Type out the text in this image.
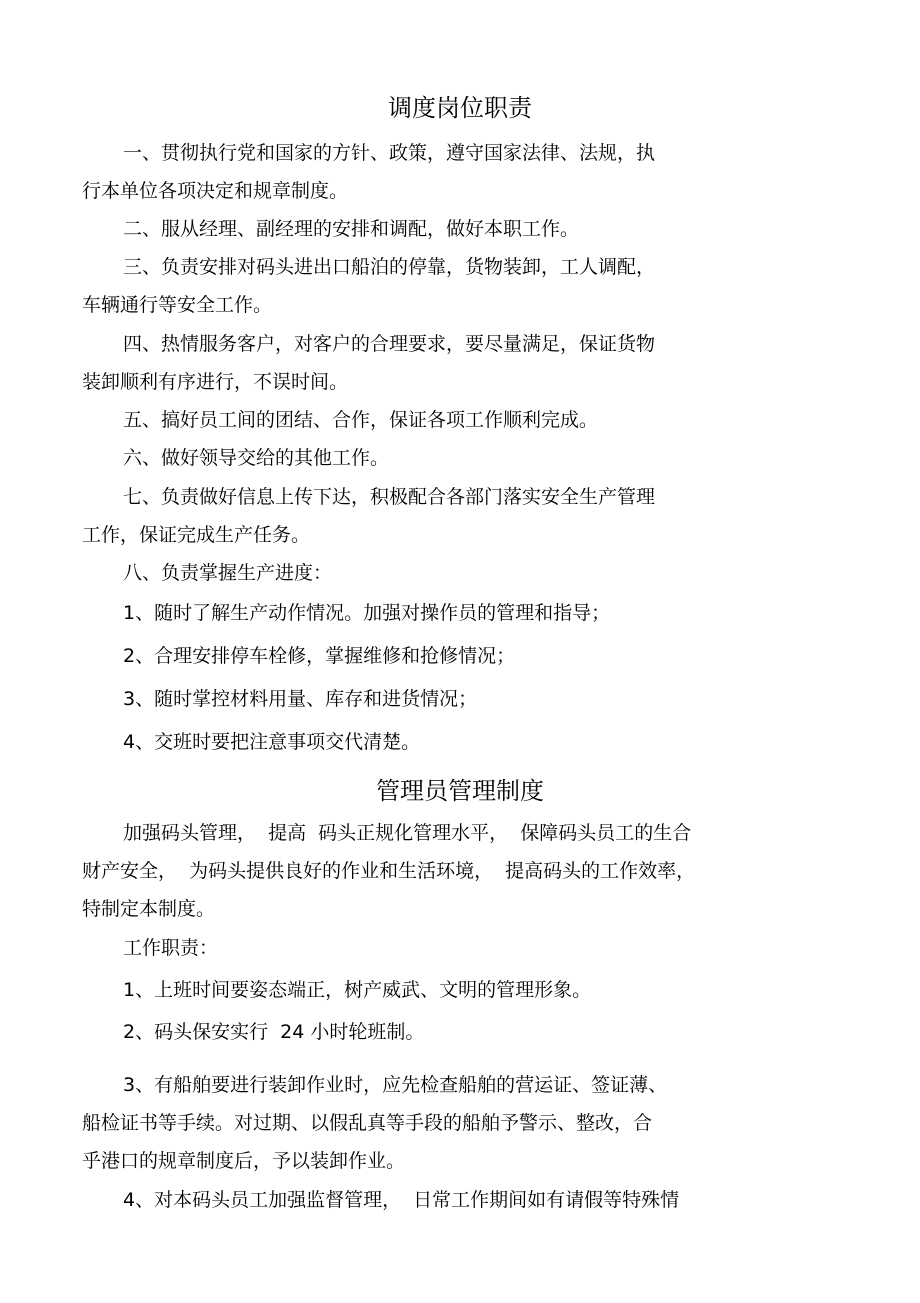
调度岗位职责
一、贯彻执行党和国家的方针、政策，遵守国家法律、法规，执
行本单位各项决定和规章制度。
二、服从经理、副经理的安排和调配，做好本职工作。
三、负责安排对码头进出口船泊的停靠，货物装卸，工人调配，
车辆通行等安全工作。
四、热情服务客户，对客户的合理要求，要尽量满足，保证货物
装卸顺利有序进行，不误时间。
五、搞好员工间的团结、合作，保证各项工作顺利完成。
六、做好领导交给的其他工作。
七、负责做好信息上传下达，积极配合各部门落实安全生产管理
工作，保证完成生产任务。
八、负责掌握生产进度：
1、随时了解生产动作情况。加强对操作员的管理和指导；
2、合理安排停车栓修，掌握维修和抢修情况；
3、随时掌控材料用量、库存和进货情况；
4、交班时要把注意事项交代清楚。
管理员管理制度
加强码头管理，  提高  码头正规化管理水平，  保障码头员工的生合
财产安全，  为码头提供良好的作业和生活环境，  提高码头的工作效率，
特制定本制度。
工作职责：
1、上班时间要姿态端正，树产威武、文明的管理形象。
2、码头保安实行  24 小时轮班制。
3、有船舶要进行装卸作业时，应先检查船舶的营运证、签证薄、
船检证书等手续。对过期、以假乱真等手段的船舶予警示、整改，合
乎港口的规章制度后，予以装卸作业。
4、对本码头员工加强监督管理，  日常工作期间如有请假等特殊情
